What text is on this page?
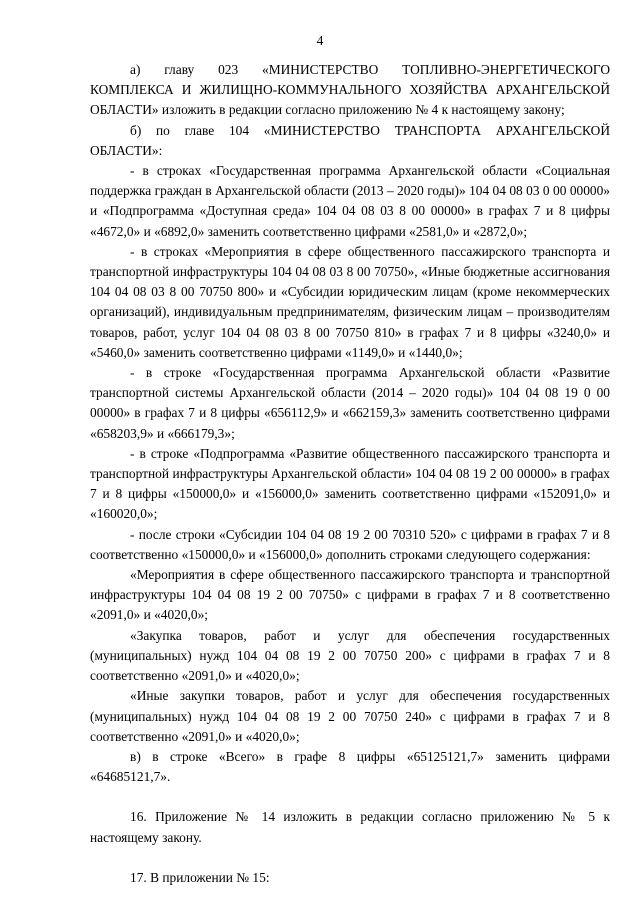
4

а) главу 023 «МИНИСТЕРСТВО ТОПЛИВНО-ЭНЕРГЕТИЧЕСКОГО КОМПЛЕКСА И ЖИЛИЩНО-КОММУНАЛЬНОГО ХОЗЯЙСТВА АРХАНГЕЛЬСКОЙ ОБЛАСТИ» изложить в редакции согласно приложению № 4 к настоящему закону;

б) по главе 104 «МИНИСТЕРСТВО ТРАНСПОРТА АРХАНГЕЛЬСКОЙ ОБЛАСТИ»:

- в строках «Государственная программа Архангельской области «Социальная поддержка граждан в Архангельской области (2013 – 2020 годы)» 104 04 08 03 0 00 00000» и «Подпрограмма «Доступная среда» 104 04 08 03 8 00 00000» в графах 7 и 8 цифры «4672,0» и «6892,0» заменить соответственно цифрами «2581,0» и «2872,0»;

- в строках «Мероприятия в сфере общественного пассажирского транспорта и транспортной инфраструктуры 104 04 08 03 8 00 70750», «Иные бюджетные ассигнования 104 04 08 03 8 00 70750 800» и «Субсидии юридическим лицам (кроме некоммерческих организаций), индивидуальным предпринимателям, физическим лицам – производителям товаров, работ, услуг 104 04 08 03 8 00 70750 810» в графах 7 и 8 цифры «3240,0» и «5460,0» заменить соответственно цифрами «1149,0» и «1440,0»;

- в строке «Государственная программа Архангельской области «Развитие транспортной системы Архангельской области (2014 – 2020 годы)» 104 04 08 19 0 00 00000» в графах 7 и 8 цифры «656112,9» и «662159,3» заменить соответственно цифрами «658203,9» и «666179,3»;

- в строке «Подпрограмма «Развитие общественного пассажирского транспорта и транспортной инфраструктуры Архангельской области» 104 04 08 19 2 00 00000» в графах 7 и 8 цифры «150000,0» и «156000,0» заменить соответственно цифрами «152091,0» и «160020,0»;

- после строки «Субсидии 104 04 08 19 2 00 70310 520» с цифрами в графах 7 и 8 соответственно «150000,0» и «156000,0» дополнить строками следующего содержания:

«Мероприятия в сфере общественного пассажирского транспорта и транспортной инфраструктуры 104 04 08 19 2 00 70750» с цифрами в графах 7 и 8 соответственно «2091,0» и «4020,0»;

«Закупка товаров, работ и услуг для обеспечения государственных (муниципальных) нужд 104 04 08 19 2 00 70750 200» с цифрами в графах 7 и 8 соответственно «2091,0» и «4020,0»;

«Иные закупки товаров, работ и услуг для обеспечения государственных (муниципальных) нужд 104 04 08 19 2 00 70750 240» с цифрами в графах 7 и 8 соответственно «2091,0» и «4020,0»;

в) в строке «Всего» в графе 8 цифры «65125121,7» заменить цифрами «64685121,7».

16. Приложение № 14 изложить в редакции согласно приложению № 5 к настоящему закону.

17. В приложении № 15:
